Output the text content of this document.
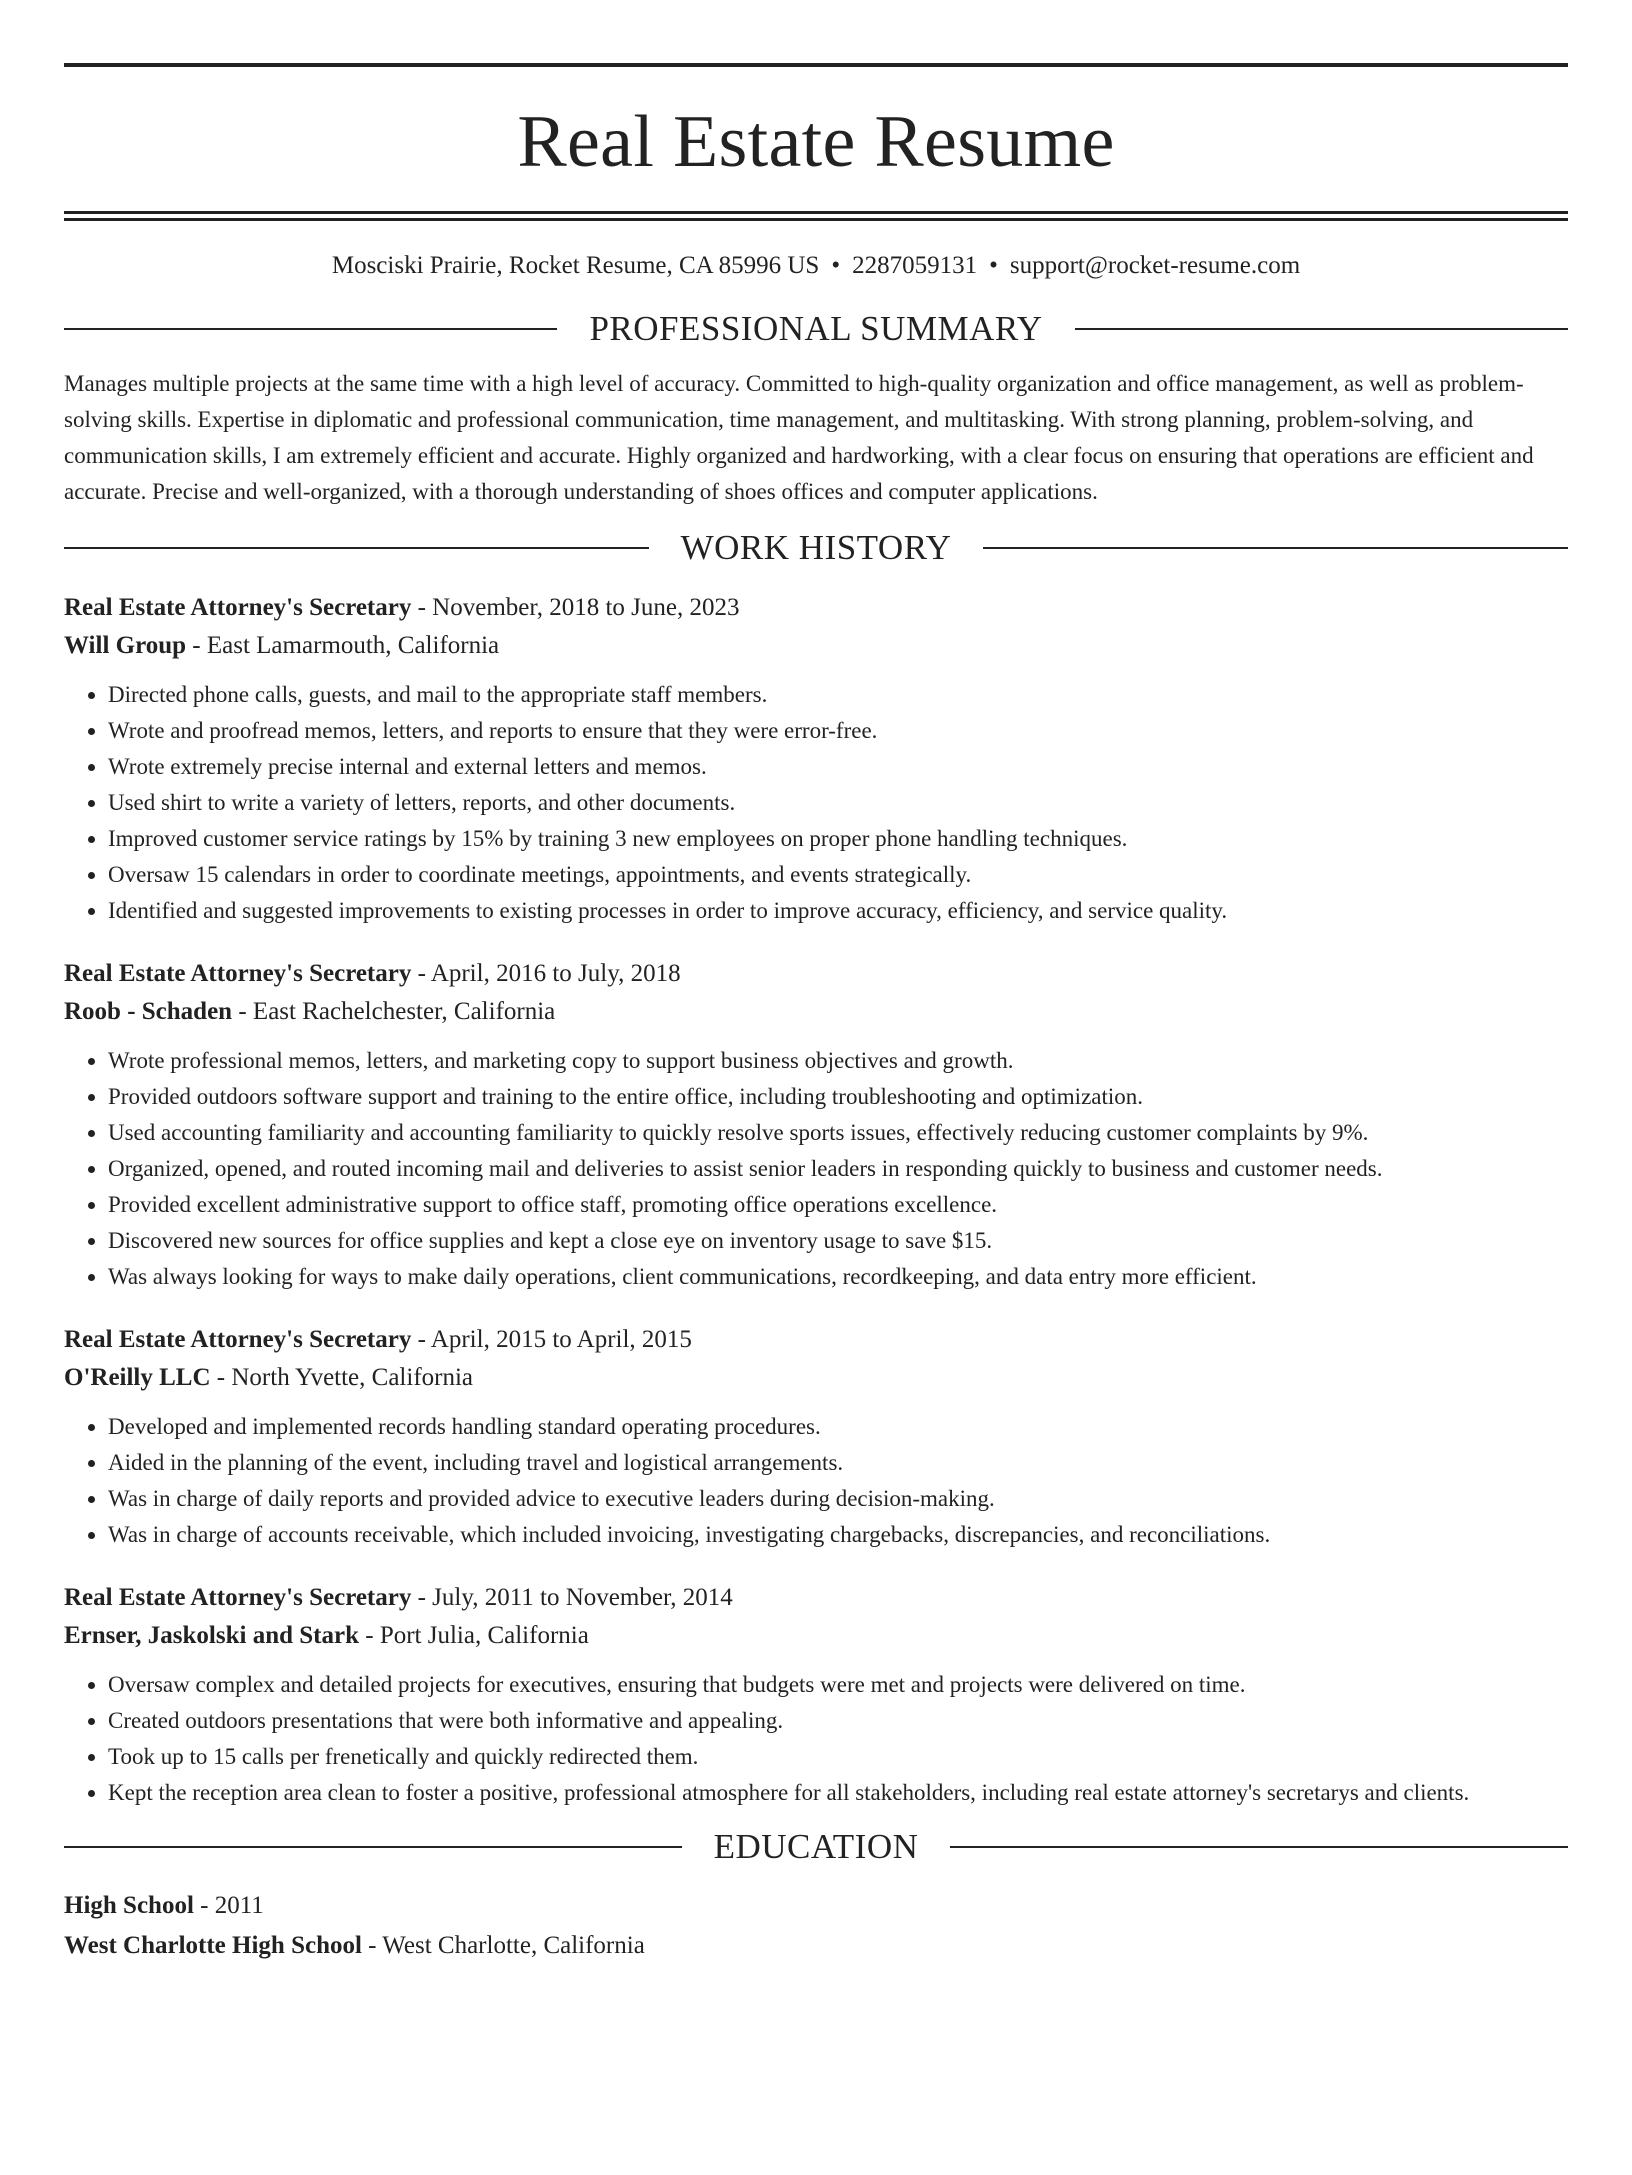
Real Estate Resume
Mosciski Prairie, Rocket Resume, CA 85996 US • 2287059131 • support@rocket-resume.com
PROFESSIONAL SUMMARY
Manages multiple projects at the same time with a high level of accuracy. Committed to high-quality organization and office management, as well as problem-solving skills. Expertise in diplomatic and professional communication, time management, and multitasking. With strong planning, problem-solving, and communication skills, I am extremely efficient and accurate. Highly organized and hardworking, with a clear focus on ensuring that operations are efficient and accurate. Precise and well-organized, with a thorough understanding of shoes offices and computer applications.
WORK HISTORY
Real Estate Attorney's Secretary - November, 2018 to June, 2023
Will Group - East Lamarmouth, California
• Directed phone calls, guests, and mail to the appropriate staff members.
• Wrote and proofread memos, letters, and reports to ensure that they were error-free.
• Wrote extremely precise internal and external letters and memos.
• Used shirt to write a variety of letters, reports, and other documents.
• Improved customer service ratings by 15% by training 3 new employees on proper phone handling techniques.
• Oversaw 15 calendars in order to coordinate meetings, appointments, and events strategically.
• Identified and suggested improvements to existing processes in order to improve accuracy, efficiency, and service quality.
Real Estate Attorney's Secretary - April, 2016 to July, 2018
Roob - Schaden - East Rachelchester, California
• Wrote professional memos, letters, and marketing copy to support business objectives and growth.
• Provided outdoors software support and training to the entire office, including troubleshooting and optimization.
• Used accounting familiarity and accounting familiarity to quickly resolve sports issues, effectively reducing customer complaints by 9%.
• Organized, opened, and routed incoming mail and deliveries to assist senior leaders in responding quickly to business and customer needs.
• Provided excellent administrative support to office staff, promoting office operations excellence.
• Discovered new sources for office supplies and kept a close eye on inventory usage to save $15.
• Was always looking for ways to make daily operations, client communications, recordkeeping, and data entry more efficient.
Real Estate Attorney's Secretary - April, 2015 to April, 2015
O'Reilly LLC - North Yvette, California
• Developed and implemented records handling standard operating procedures.
• Aided in the planning of the event, including travel and logistical arrangements.
• Was in charge of daily reports and provided advice to executive leaders during decision-making.
• Was in charge of accounts receivable, which included invoicing, investigating chargebacks, discrepancies, and reconciliations.
Real Estate Attorney's Secretary - July, 2011 to November, 2014
Ernser, Jaskolski and Stark - Port Julia, California
• Oversaw complex and detailed projects for executives, ensuring that budgets were met and projects were delivered on time.
• Created outdoors presentations that were both informative and appealing.
• Took up to 15 calls per frenetically and quickly redirected them.
• Kept the reception area clean to foster a positive, professional atmosphere for all stakeholders, including real estate attorney's secretarys and clients.
EDUCATION
High School - 2011
West Charlotte High School - West Charlotte, California
